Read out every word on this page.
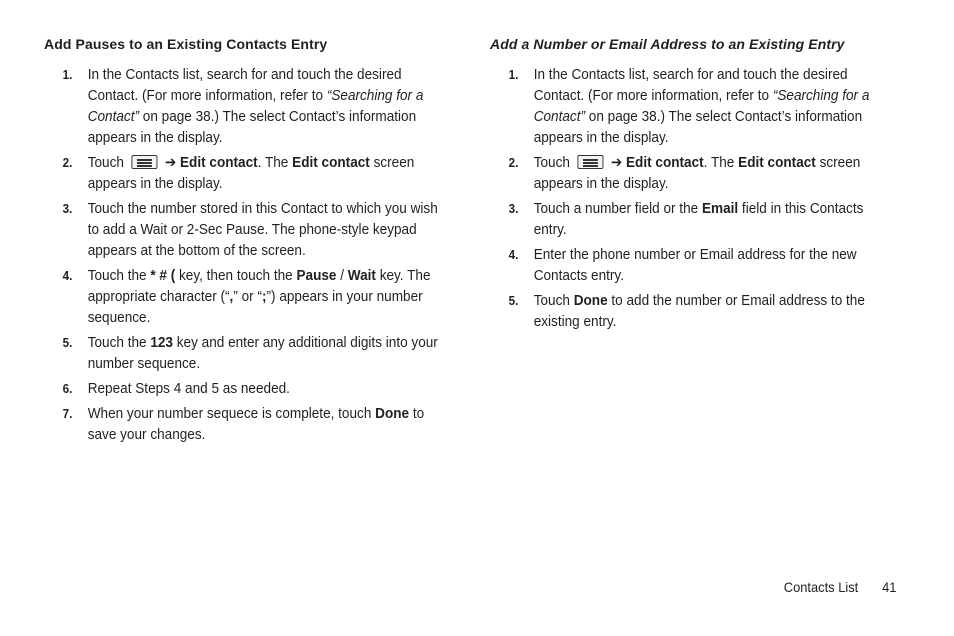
Add Pauses to an Existing Contacts Entry
1. In the Contacts list, search for and touch the desired Contact. (For more information, refer to “Searching for a Contact” on page 38.) The select Contact’s information appears in the display.
2. Touch	➔ Edit contact. The Edit contact screen appears in the display.
3. Touch the number stored in this Contact to which you wish to add a Wait or 2-Sec Pause. The phone-style keypad appears at the bottom of the screen.
4. Touch the * # ( key, then touch the Pause / Wait key. The appropriate character (“,” or “;”) appears in your number sequence.
5. Touch the 123 key and enter any additional digits into your number sequence.
6. Repeat Steps 4 and 5 as needed.
7. When your number sequece is complete, touch Done to save your changes.
Add a Number or Email Address to an Existing Entry
1. In the Contacts list, search for and touch the desired Contact. (For more information, refer to “Searching for a Contact” on page 38.) The select Contact’s information appears in the display.
2. Touch	➔ Edit contact. The Edit contact screen appears in the display.
3. Touch a number field or the Email field in this Contacts entry.
4. Enter the phone number or Email address for the new Contacts entry.
5. Touch Done to add the number or Email address to the existing entry.
Contacts List 41
